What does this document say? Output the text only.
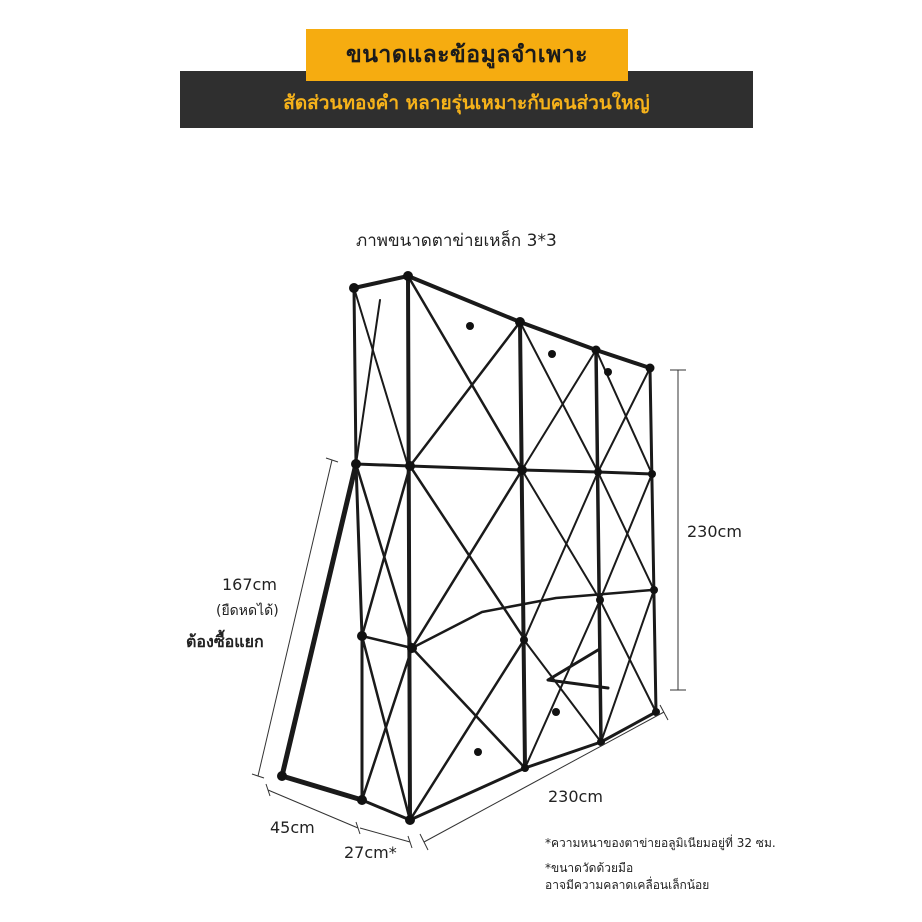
ขนาดและข้อมูลจำเพาะ
สัดส่วนทองคำ หลายรุ่นเหมาะกับคนส่วนใหญ่
ภาพขนาดตาข่ายเหล็ก 3*3
230cm
230cm
167cm
(ยืดหดได้)
ต้องซื้อแยก
45cm
27cm*	*ความหนาของตาข่ายอลูมิเนียมอยู่ที่ 32 ซม.
*ขนาดวัดด้วยมือ
อาจมีความคลาดเคลื่อนเล็กน้อย
